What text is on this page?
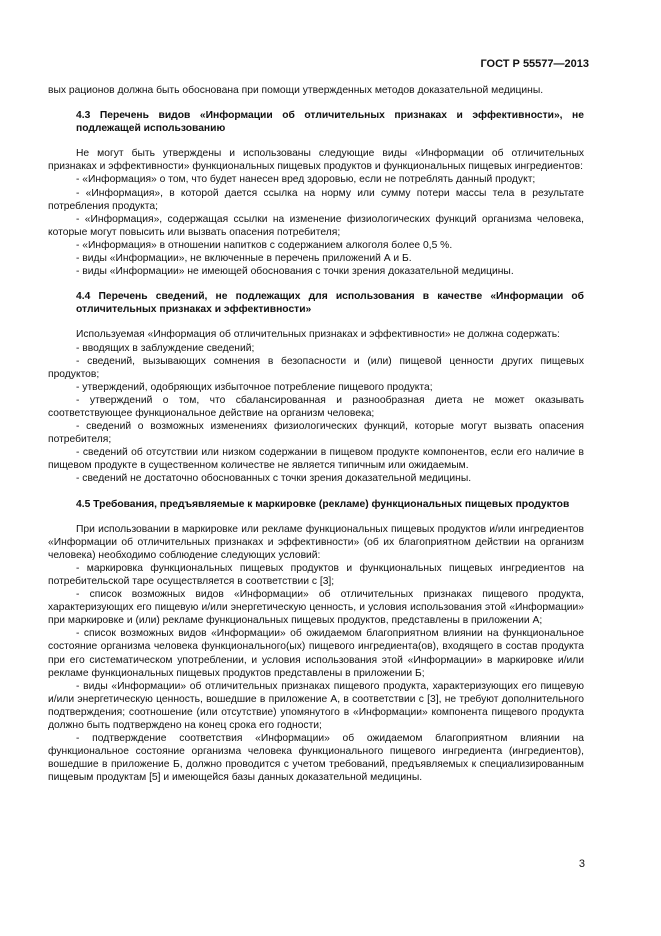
ГОСТ Р 55577—2013

вых рационов должна быть обоснована при помощи утвержденных методов доказательной медицины.

4.3 Перечень видов «Информации об отличительных признаках и эффективности», не подлежащей использованию

Не могут быть утверждены и использованы следующие виды «Информации об отличительных признаках и эффективности» функциональных пищевых продуктов и функциональных пищевых ингредиентов:

- «Информация» о том, что будет нанесен вред здоровью, если не потреблять данный продукт;

- «Информация», в которой дается ссылка на норму или сумму потери массы тела в результате потребления продукта;

- «Информация», содержащая ссылки на изменение физиологических функций организма человека, которые могут повысить или вызвать опасения потребителя;

- «Информация» в отношении напитков с содержанием алкоголя более 0,5 %.

- виды «Информации», не включенные в перечень приложений А и Б.

- виды «Информации» не имеющей обоснования с точки зрения доказательной медицины.

4.4 Перечень сведений, не подлежащих для использования в качестве «Информации об отличительных признаках и эффективности»

Используемая «Информация об отличительных признаках и эффективности» не должна содержать:

- вводящих в заблуждение сведений;

- сведений, вызывающих сомнения в безопасности и (или) пищевой ценности других пищевых продуктов;

- утверждений, одобряющих избыточное потребление пищевого продукта;

- утверждений о том, что сбалансированная и разнообразная диета не может оказывать соответствующее функциональное действие на организм человека;

- сведений о возможных изменениях физиологических функций, которые могут вызвать опасения потребителя;

- сведений об отсутствии или низком содержании в пищевом продукте компонентов, если его наличие в пищевом продукте в существенном количестве не является типичным или ожидаемым.

- сведений не достаточно обоснованных с точки зрения доказательной медицины.

4.5 Требования, предъявляемые к маркировке (рекламе) функциональных пищевых продуктов

При использовании в маркировке или рекламе функциональных пищевых продуктов и/или ингредиентов «Информации об отличительных признаках и эффективности» (об их благоприятном действии на организм человека) необходимо соблюдение следующих условий:

- маркировка функциональных пищевых продуктов и функциональных пищевых ингредиентов на потребительской таре осуществляется в соответствии с [3];

- список возможных видов «Информации» об отличительных признаках пищевого продукта, характеризующих его пищевую и/или энергетическую ценность, и условия использования этой «Информации» при маркировке и (или) рекламе функциональных пищевых продуктов, представлены в приложении А;

- список возможных видов «Информации» об ожидаемом благоприятном влиянии на функциональное состояние организма человека функционального(ых) пищевого ингредиента(ов), входящего в состав продукта при его систематическом употреблении, и условия использования этой «Информации» в маркировке и/или рекламе функциональных пищевых продуктов представлены в приложении Б;

- виды «Информации» об отличительных признаках пищевого продукта, характеризующих его пищевую и/или энергетическую ценность, вошедшие в приложение А, в соответствии с [3], не требуют дополнительного подтверждения; соотношение (или отсутствие) упомянутого в «Информации» компонента пищевого продукта должно быть подтверждено на конец срока его годности;

- подтверждение соответствия «Информации» об ожидаемом благоприятном влиянии на функциональное состояние организма человека функционального пищевого ингредиента (ингредиентов), вошедшие в приложение Б, должно проводится с учетом требований, предъявляемых к специализированным пищевым продуктам [5] и имеющейся базы данных доказательной медицины.

3
